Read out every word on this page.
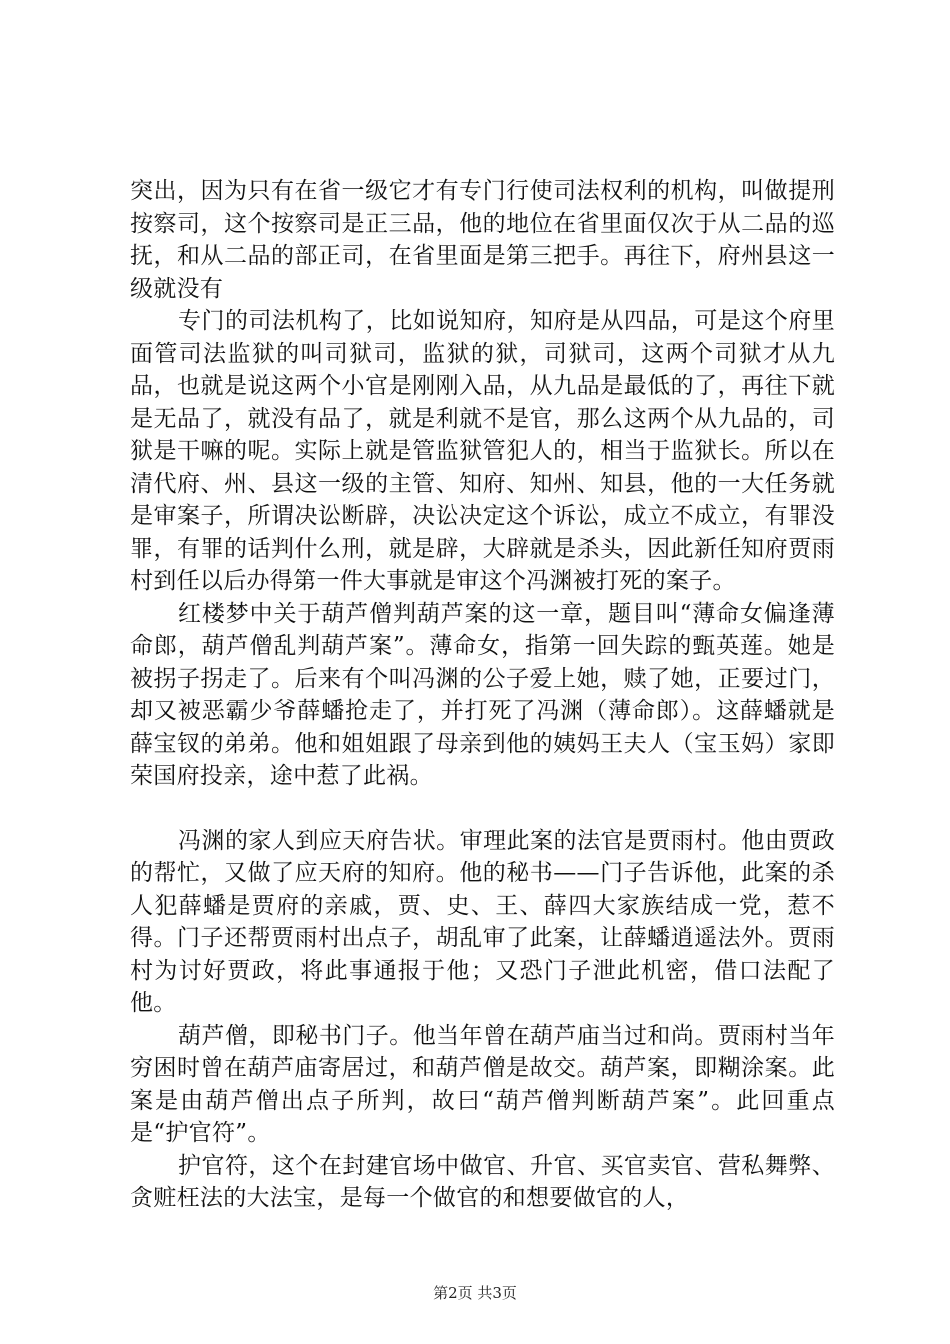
突出，因为只有在省一级它才有专门行使司法权利的机构，叫做提刑按察司，这个按察司是正三品，他的地位在省里面仅次于从二品的巡抚，和从二品的部正司，在省里面是第三把手。再往下，府州县这一级就没有

专门的司法机构了，比如说知府，知府是从四品，可是这个府里面管司法监狱的叫司狱司，监狱的狱，司狱司，这两个司狱才从九品，也就是说这两个小官是刚刚入品，从九品是最低的了，再往下就是无品了，就没有品了，就是利就不是官，那么这两个从九品的，司狱是干嘛的呢。实际上就是管监狱管犯人的，相当于监狱长。所以在清代府、州、县这一级的主管、知府、知州、知县，他的一大任务就是审案子，所谓决讼断辟，决讼决定这个诉讼，成立不成立，有罪没罪，有罪的话判什么刑，就是辟，大辟就是杀头，因此新任知府贾雨村到任以后办得第一件大事就是审这个冯渊被打死的案子。

红楼梦中关于葫芦僧判葫芦案的这一章，题目叫“薄命女偏逢薄命郎，葫芦僧乱判葫芦案”。薄命女，指第一回失踪的甄英莲。她是被拐子拐走了。后来有个叫冯渊的公子爱上她，赎了她，正要过门，却又被恶霸少爷薛蟠抢走了，并打死了冯渊（薄命郎）。这薛蟠就是薛宝钗的弟弟。他和姐姐跟了母亲到他的姨妈王夫人（宝玉妈）家即荣国府投亲，途中惹了此祸。

冯渊的家人到应天府告状。审理此案的法官是贾雨村。他由贾政的帮忙，又做了应天府的知府。他的秘书——门子告诉他，此案的杀人犯薛蟠是贾府的亲戚，贾、史、王、薛四大家族结成一党，惹不得。门子还帮贾雨村出点子，胡乱审了此案，让薛蟠逍遥法外。贾雨村为讨好贾政，将此事通报于他；又恐门子泄此机密，借口法配了他。

葫芦僧，即秘书门子。他当年曾在葫芦庙当过和尚。贾雨村当年穷困时曾在葫芦庙寄居过，和葫芦僧是故交。葫芦案，即糊涂案。此案是由葫芦僧出点子所判，故曰“葫芦僧判断葫芦案”。此回重点是“护官符”。

护官符，这个在封建官场中做官、升官、买官卖官、营私舞弊、贪赃枉法的大法宝，是每一个做官的和想要做官的人，

第2页 共3页
